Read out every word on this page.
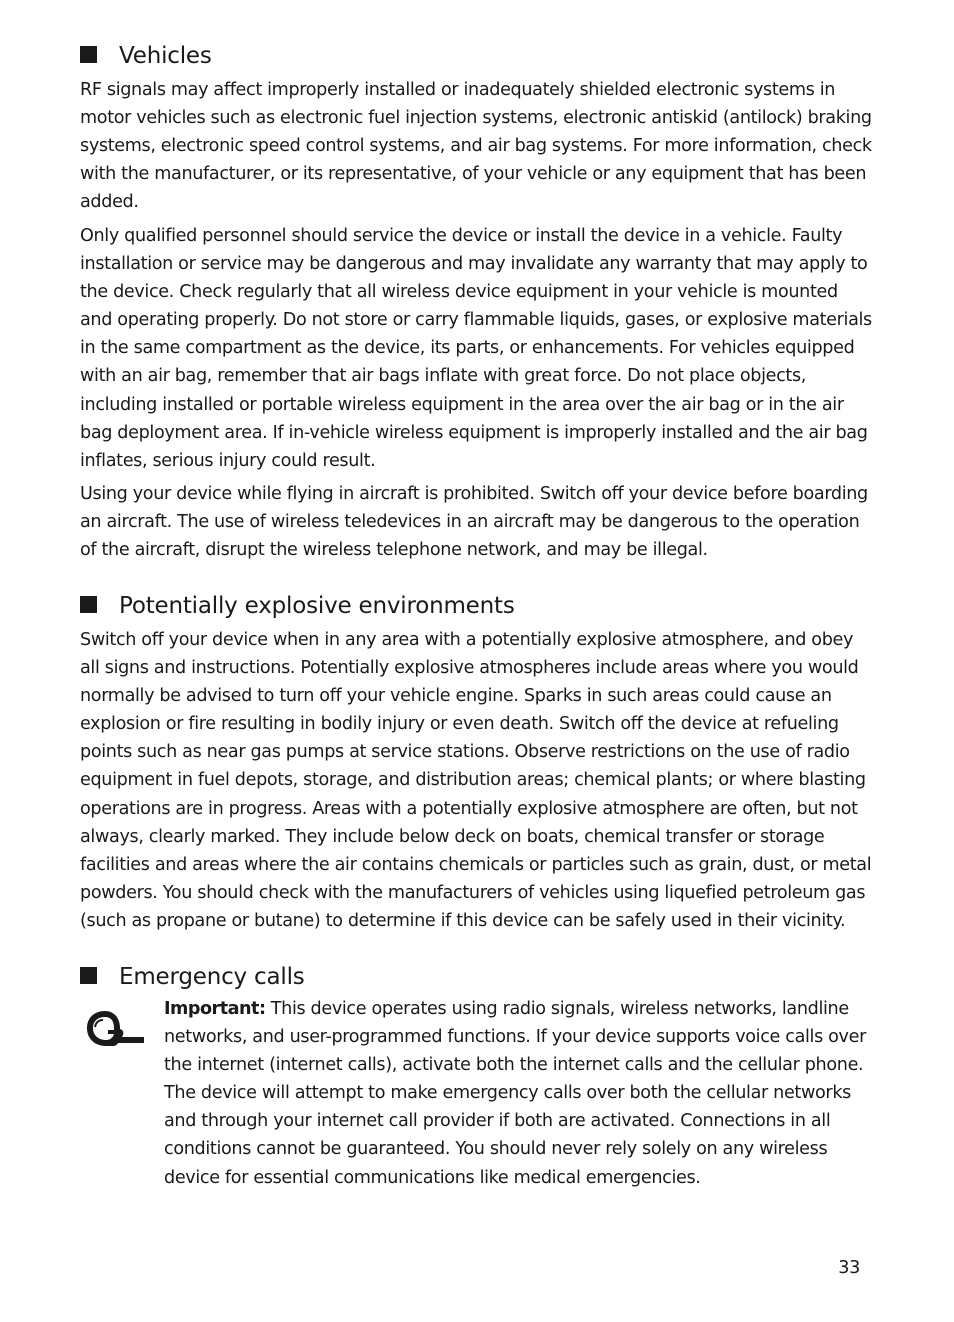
Vehicles

RF signals may affect improperly installed or inadequately shielded electronic systems in motor vehicles such as electronic fuel injection systems, electronic antiskid (antilock) braking systems, electronic speed control systems, and air bag systems. For more information, check with the manufacturer, or its representative, of your vehicle or any equipment that has been added.

Only qualified personnel should service the device or install the device in a vehicle. Faulty installation or service may be dangerous and may invalidate any warranty that may apply to the device. Check regularly that all wireless device equipment in your vehicle is mounted and operating properly. Do not store or carry flammable liquids, gases, or explosive materials in the same compartment as the device, its parts, or enhancements. For vehicles equipped with an air bag, remember that air bags inflate with great force. Do not place objects, including installed or portable wireless equipment in the area over the air bag or in the air bag deployment area. If in-vehicle wireless equipment is improperly installed and the air bag inflates, serious injury could result.

Using your device while flying in aircraft is prohibited. Switch off your device before boarding an aircraft. The use of wireless teledevices in an aircraft may be dangerous to the operation of the aircraft, disrupt the wireless telephone network, and may be illegal.

Potentially explosive environments

Switch off your device when in any area with a potentially explosive atmosphere, and obey all signs and instructions. Potentially explosive atmospheres include areas where you would normally be advised to turn off your vehicle engine. Sparks in such areas could cause an explosion or fire resulting in bodily injury or even death. Switch off the device at refueling points such as near gas pumps at service stations. Observe restrictions on the use of radio equipment in fuel depots, storage, and distribution areas; chemical plants; or where blasting operations are in progress. Areas with a potentially explosive atmosphere are often, but not always, clearly marked. They include below deck on boats, chemical transfer or storage facilities and areas where the air contains chemicals or particles such as grain, dust, or metal powders. You should check with the manufacturers of vehicles using liquefied petroleum gas (such as propane or butane) to determine if this device can be safely used in their vicinity.

Emergency calls

Important: This device operates using radio signals, wireless networks, landline networks, and user-programmed functions. If your device supports voice calls over the internet (internet calls), activate both the internet calls and the cellular phone. The device will attempt to make emergency calls over both the cellular networks and through your internet call provider if both are activated. Connections in all conditions cannot be guaranteed. You should never rely solely on any wireless device for essential communications like medical emergencies.

33
